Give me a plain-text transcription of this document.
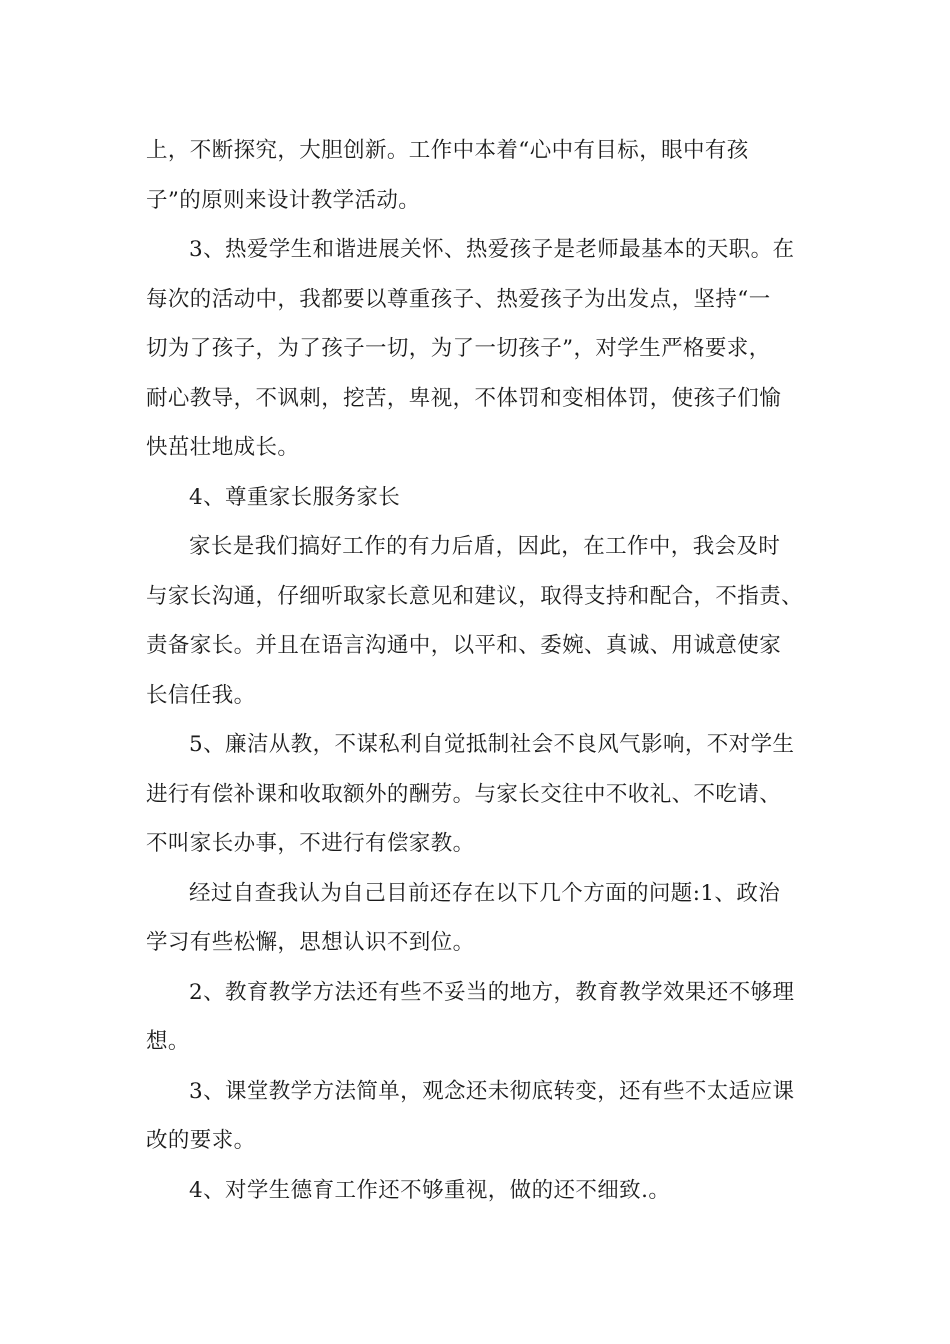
上，不断探究，大胆创新。工作中本着“心中有目标，眼中有孩
子”的原则来设计教学活动。
3、热爱学生和谐进展关怀、热爱孩子是老师最基本的天职。在
每次的活动中，我都要以尊重孩子、热爱孩子为出发点，坚持“一
切为了孩子，为了孩子一切，为了一切孩子”，对学生严格要求，
耐心教导，不讽刺，挖苦，卑视，不体罚和变相体罚，使孩子们愉
快茁壮地成长。
4、尊重家长服务家长
家长是我们搞好工作的有力后盾，因此，在工作中，我会及时
与家长沟通，仔细听取家长意见和建议，取得支持和配合，不指责、
责备家长。并且在语言沟通中，以平和、委婉、真诚、用诚意使家
长信任我。
5、廉洁从教，不谋私利自觉抵制社会不良风气影响，不对学生
进行有偿补课和收取额外的酬劳。与家长交往中不收礼、不吃请、
不叫家长办事，不进行有偿家教。
经过自查我认为自己目前还存在以下几个方面的问题:1、政治
学习有些松懈，思想认识不到位。
2、教育教学方法还有些不妥当的地方，教育教学效果还不够理
想。
3、课堂教学方法简单，观念还未彻底转变，还有些不太适应课
改的要求。
4、对学生德育工作还不够重视，做的还不细致.。
